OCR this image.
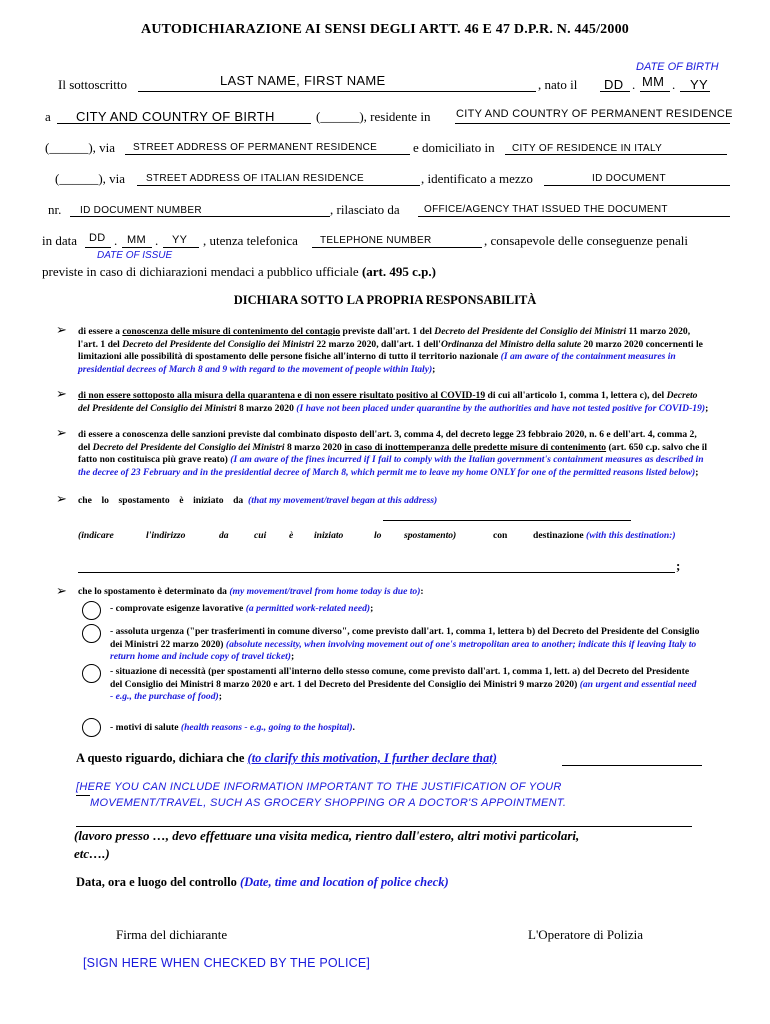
AUTODICHIARAZIONE AI SENSI DEGLI ARTT. 46 E 47 D.P.R. N. 445/2000
Il sottoscritto	LAST NAME, FIRST NAME	, nato il
DATE OF BIRTH
DD . MM . YY
a CITY AND COUNTRY OF BIRTH	(______), residente in CITY AND COUNTRY OF PERMANENT RESIDENCE
(______), via STREET ADDRESS OF PERMANENT RESIDENCE	e domiciliato in CITY OF RESIDENCE IN ITALY
(______), via STREET ADDRESS OF ITALIAN RESIDENCE	, identificato a mezzo	ID DOCUMENT
nr. ID DOCUMENT NUMBER	, rilasciato da OFFICE/AGENCY THAT ISSUED THE DOCUMENT
in data DD . MM . YY , utenza telefonica TELEPHONE NUMBER	, consapevole delle conseguenze penali
DATE OF ISSUE
previste in caso di dichiarazioni mendaci a pubblico ufficiale (art. 495 c.p.)
DICHIARA SOTTO LA PROPRIA RESPONSABILITÀ
➢ di essere a conoscenza delle misure di contenimento del contagio previste dall'art. 1 del Decreto del Presidente del Consiglio dei Ministri 11 marzo 2020, l'art. 1 del Decreto del Presidente del Consiglio dei Ministri 22 marzo 2020, dall'art. 1 dell'Ordinanza del Ministro della salute 20 marzo 2020 concernenti le limitazioni alle possibilità di spostamento delle persone fisiche all'interno di tutto il territorio nazionale (I am aware of the containment measures in presidential decrees of March 8 and 9 with regard to the movement of people within Italy);
➢ di non essere sottoposto alla misura della quarantena e di non essere risultato positivo al COVID-19 di cui all'articolo 1, comma 1, lettera c), del Decreto del Presidente del Consiglio dei Ministri 8 marzo 2020 (I have not been placed under quarantine by the authorities and have not tested positive for COVID-19);
➢ di essere a conoscenza delle sanzioni previste dal combinato disposto dell'art. 3, comma 4, del decreto legge 23 febbraio 2020, n. 6 e dell'art. 4, comma 2, del Decreto del Presidente del Consiglio dei Ministri 8 marzo 2020 in caso di inottemperanza delle predette misure di contenimento (art. 650 c.p. salvo che il fatto non costituisca più grave reato) (I am aware of the fines incurred if I fail to comply with the Italian government's containment measures as described in the decree of 23 February and in the presidential decree of March 8, which permit me to leave my home ONLY for one of the permitted reasons listed below);
➢ che    lo    spostamento    è    iniziato    da  (that my movement/travel began at this address)
(indicare	l'indirizzo	da	cui è iniziato	lo spostamento)	con	destinazione (with this destination:)
;
➢ che lo spostamento è determinato da (my movement/travel from home today is due to):
- comprovate esigenze lavorative (a permitted work-related need);
- assoluta urgenza ("per trasferimenti in comune diverso", come previsto dall'art. 1, comma 1, lettera b) del Decreto del Presidente del Consiglio dei Ministri 22 marzo 2020) (absolute necessity, when involving movement out of one's metropolitan area to another; indicate this if leaving Italy to return home and include copy of travel ticket);
- situazione di necessità (per spostamenti all'interno dello stesso comune, come previsto dall'art. 1, comma 1, lett. a) del Decreto del Presidente del Consiglio dei Ministri 8 marzo 2020 e art. 1 del Decreto del Presidente del Consiglio dei Ministri 9 marzo 2020) (an urgent and essential need - e.g., the purchase of food);
- motivi di salute (health reasons - e.g., going to the hospital).
A questo riguardo, dichiara che (to clarify this motivation, I further declare that)
[HERE YOU CAN INCLUDE INFORMATION IMPORTANT TO THE JUSTIFICATION OF YOUR
MOVEMENT/TRAVEL, SUCH AS GROCERY SHOPPING OR A DOCTOR'S APPOINTMENT.
(lavoro presso …, devo effettuare una visita medica, rientro dall'estero, altri motivi particolari,
etc….)
Data, ora e luogo del controllo (Date, time and location of police check)
Firma del dichiarante	L'Operatore di Polizia
[SIGN HERE WHEN CHECKED BY THE POLICE]
